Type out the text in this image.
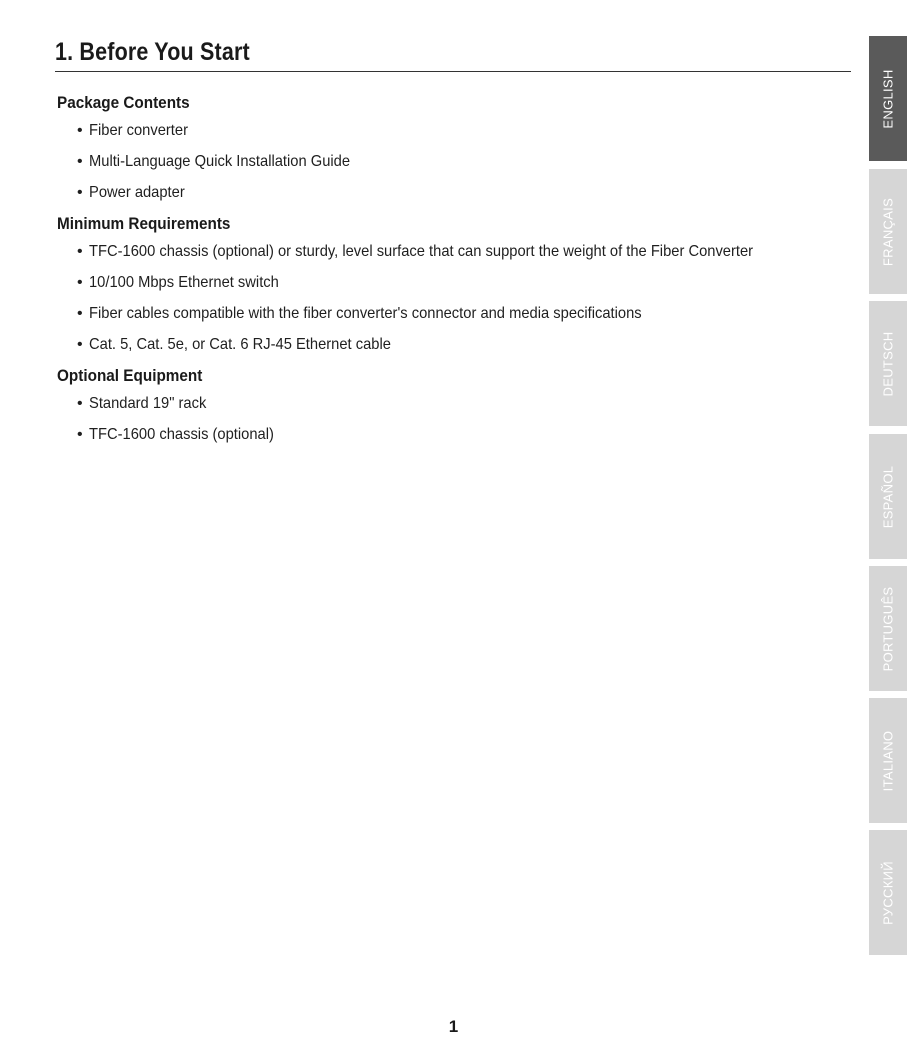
1. Before You Start
Package Contents
• Fiber converter
• Multi-Language Quick Installation Guide
• Power adapter
Minimum Requirements
• TFC-1600 chassis (optional) or sturdy, level surface that can support the weight of the Fiber Converter
• 10/100 Mbps Ethernet switch
• Fiber cables compatible with the fiber converter's connector and media specifications
• Cat. 5, Cat. 5e, or Cat. 6 RJ-45 Ethernet cable
Optional Equipment
• Standard 19" rack
• TFC-1600 chassis (optional)
ENGLISH
FRANÇAIS
DEUTSCH
ESPAÑOL
PORTUGUÊS
ITALIANO
РУССКИЙ
1
